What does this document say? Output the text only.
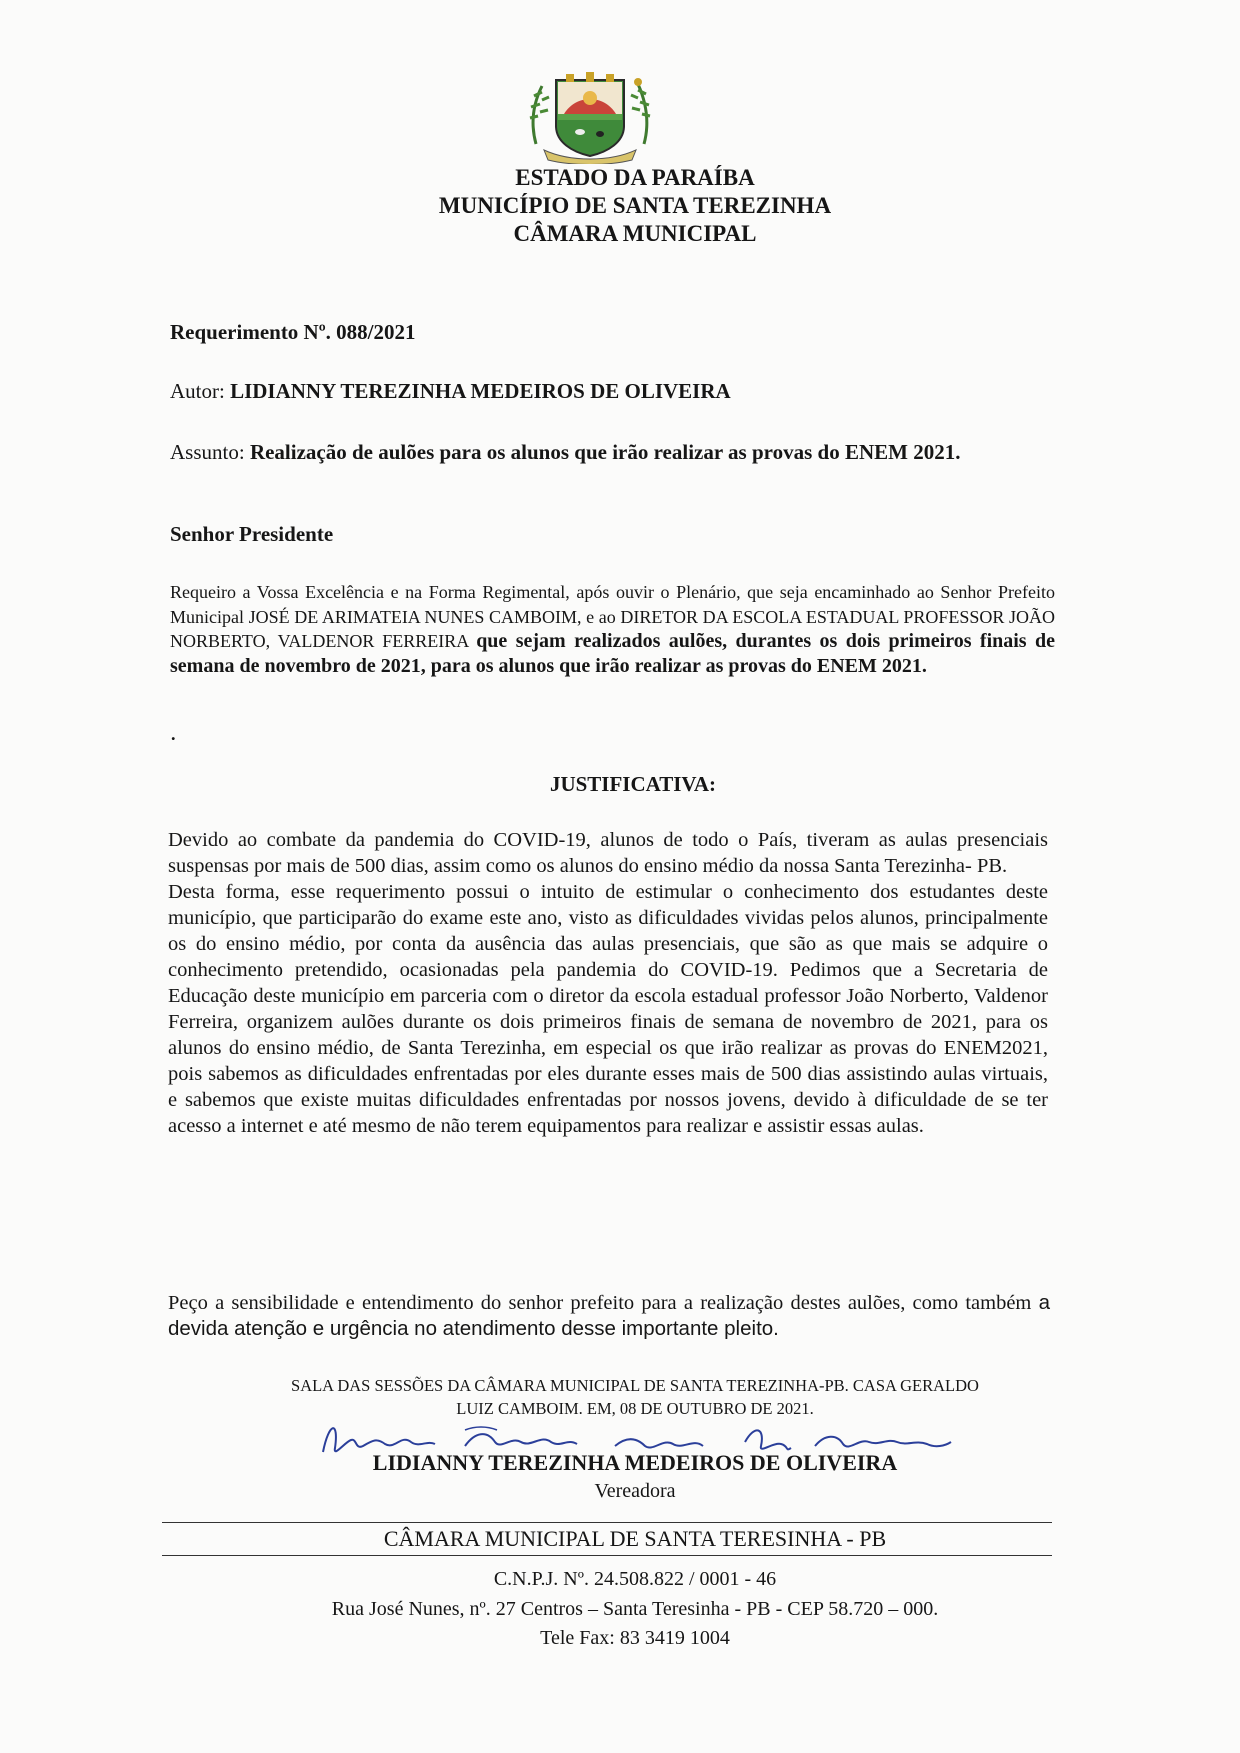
ESTADO DA PARAÍBA
MUNICÍPIO DE SANTA TEREZINHA
CÂMARA MUNICIPAL
Requerimento Nº. 088/2021
Autor: LIDIANNY TEREZINHA MEDEIROS DE OLIVEIRA
Assunto: Realização de aulões para os alunos que irão realizar as provas do ENEM 2021.
Senhor Presidente
Requeiro a Vossa Excelência e na Forma Regimental, após ouvir o Plenário, que seja encaminhado ao Senhor Prefeito Municipal JOSÉ DE ARIMATEIA NUNES CAMBOIM, e ao DIRETOR DA ESCOLA ESTADUAL PROFESSOR JOÃO NORBERTO, VALDENOR FERREIRA que sejam realizados aulões, durantes os dois primeiros finais de semana de novembro de 2021, para os alunos que irão realizar as provas do ENEM 2021.
.
JUSTIFICATIVA:

Devido ao combate da pandemia do COVID-19, alunos de todo o País, tiveram as aulas presenciais suspensas por mais de 500 dias, assim como os alunos do ensino médio da nossa Santa Terezinha- PB.

Desta forma, esse requerimento possui o intuito de estimular o conhecimento dos estudantes deste município, que participarão do exame este ano, visto as dificuldades vividas pelos alunos, principalmente os do ensino médio, por conta da ausência das aulas presenciais, que são as que mais se adquire o conhecimento pretendido, ocasionadas pela pandemia do COVID-19. Pedimos que a Secretaria de Educação deste município em parceria com o diretor da escola estadual professor João Norberto, Valdenor Ferreira, organizem aulões durante os dois primeiros finais de semana de novembro de 2021, para os alunos do ensino médio, de Santa Terezinha, em especial os que irão realizar as provas do ENEM2021, pois sabemos as dificuldades enfrentadas por eles durante esses mais de 500 dias assistindo aulas virtuais, e sabemos que existe muitas dificuldades enfrentadas por nossos jovens, devido à dificuldade de se ter acesso a internet e até mesmo de não terem equipamentos para realizar e assistir essas aulas.

Peço a sensibilidade e entendimento do senhor prefeito para a realização destes aulões, como também a devida atenção e urgência no atendimento desse importante pleito.
SALA DAS SESSÕES DA CÂMARA MUNICIPAL DE SANTA TEREZINHA-PB. CASA GERALDO
LUIZ CAMBOIM. EM, 08 DE OUTUBRO DE 2021.
LIDIANNY TEREZINHA MEDEIROS DE OLIVEIRA
Vereadora
CÂMARA MUNICIPAL DE SANTA TERESINHA - PB
C.N.P.J. Nº. 24.508.822 / 0001 - 46
Rua José Nunes, nº. 27 Centros – Santa Teresinha - PB - CEP 58.720 – 000.
Tele Fax: 83 3419 1004
